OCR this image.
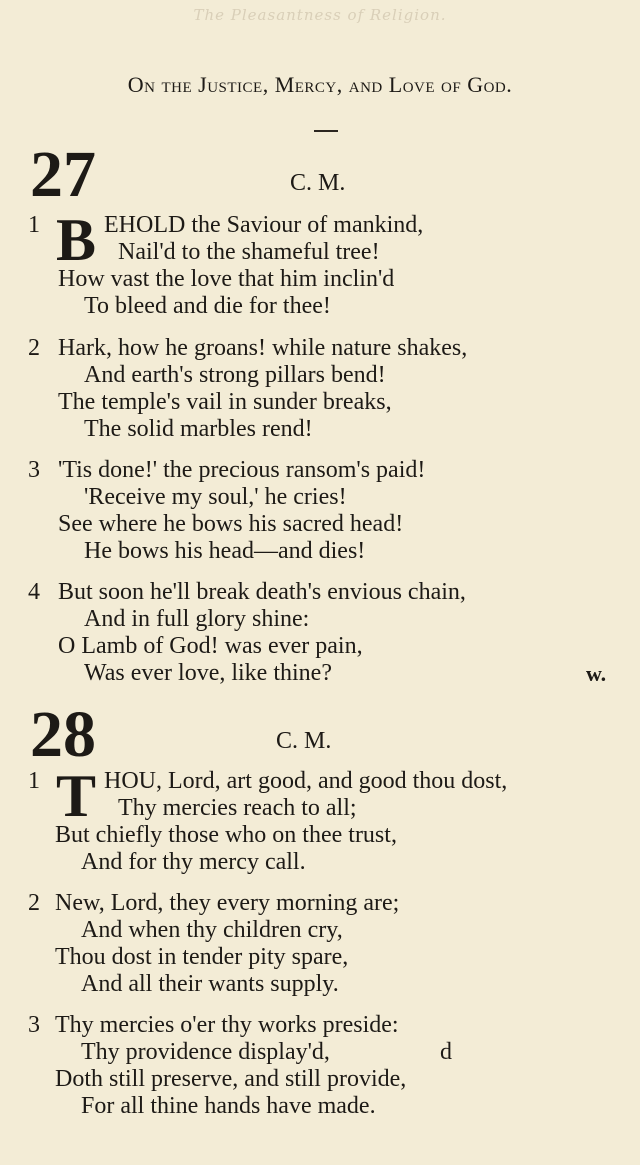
The Pleasantness of Religion.
On the Justice, Mercy, and Love of God.
27	C. M.
1 B EHOLD the Saviour of mankind,
Nail'd to the shameful tree!
How vast the love that him inclin'd
To bleed and die for thee!
2 Hark, how he groans! while nature shakes,
And earth's strong pillars bend!
The temple's vail in sunder breaks,
The solid marbles rend!
3 'Tis done!' the precious ransom's paid!
'Receive my soul,' he cries!
See where he bows his sacred head!
He bows his head—and dies!
4 But soon he'll break death's envious chain,
And in full glory shine:
O Lamb of God! was ever pain,
Was ever love, like thine?	w.
28	C. M.
1 T HOU, Lord, art good, and good thou dost,
Thy mercies reach to all;
But chiefly those who on thee trust,
And for thy mercy call.
2 New, Lord, they every morning are;
And when thy children cry,
Thou dost in tender pity spare,
And all their wants supply.
3 Thy mercies o'er thy works preside:
Thy providence display'd,	d
Doth still preserve, and still provide,
For all thine hands have made.
